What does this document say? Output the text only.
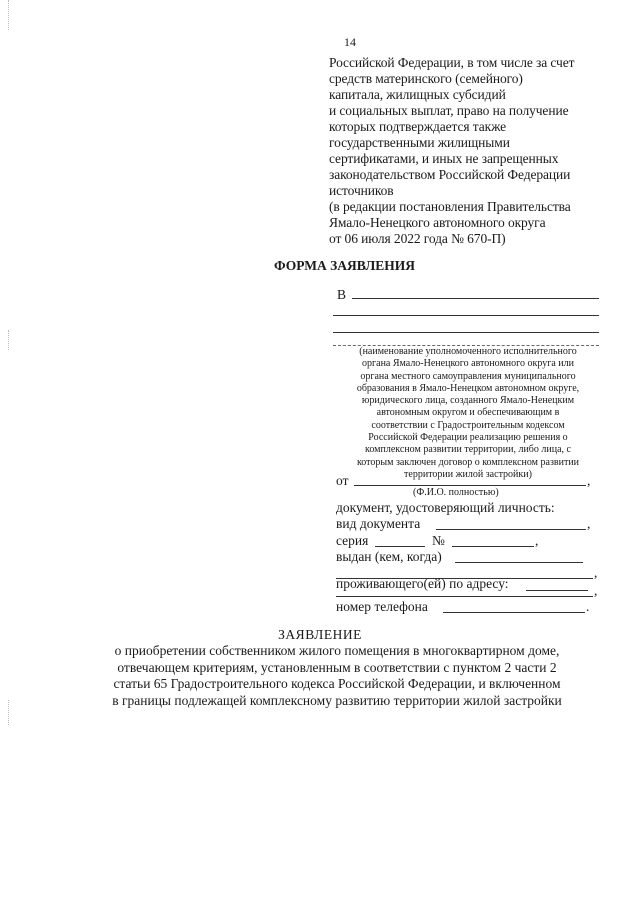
14
Российской Федерации, в том числе за счет
средств материнского (семейного)
капитала, жилищных субсидий
и социальных выплат, право на получение
которых подтверждается также
государственными жилищными
сертификатами, и иных не запрещенных
законодательством Российской Федерации
источников
(в редакции постановления Правительства
Ямало-Ненецкого автономного округа
от 06 июля 2022 года № 670-П)
ФОРМА ЗАЯВЛЕНИЯ
В
(наименование уполномоченного исполнительного
органа Ямало-Ненецкого автономного округа или
органа местного самоуправления муниципального
образования в Ямало-Ненецком автономном округе,
юридического лица, созданного Ямало-Ненецким
автономным округом и обеспечивающим в
соответствии с Градостроительным кодексом
Российской Федерации реализацию решения о
комплексном развитии территории, либо лица, с
которым заключен договор о комплексном развитии
территории жилой застройки)
от	,
(Ф.И.О. полностью)
документ, удостоверяющий личность:
вид документа	,
серия	№	,
выдан (кем, когда)
,
проживающего(ей) по адресу:	,
номер телефона	.
ЗАЯВЛЕНИЕ
о приобретении собственником жилого помещения в многоквартирном доме,
отвечающем критериям, установленным в соответствии с пунктом 2 части 2
статьи 65 Градостроительного кодекса Российской Федерации, и включенном
в границы подлежащей комплексному развитию территории жилой застройки
